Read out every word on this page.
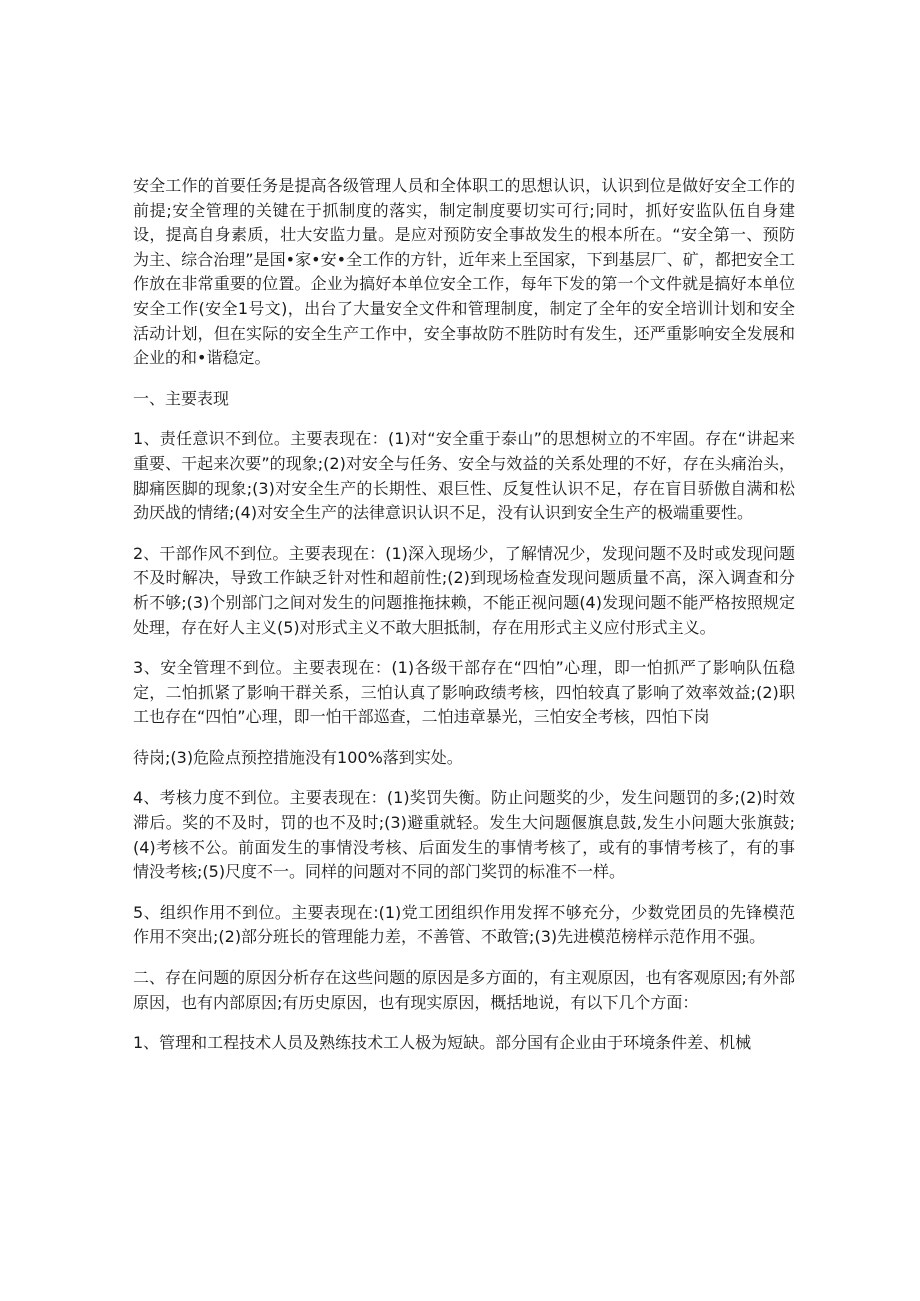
安全工作的首要任务是提高各级管理人员和全体职工的思想认识，认识到位是做好安全工作的前提;安全管理的关键在于抓制度的落实，制定制度要切实可行;同时，抓好安监队伍自身建设，提高自身素质，壮大安监力量。是应对预防安全事故发生的根本所在。“安全第一、预防为主、综合治理”是国•家•安•全工作的方针，近年来上至国家，下到基层厂、矿，都把安全工作放在非常重要的位置。企业为搞好本单位安全工作，每年下发的第一个文件就是搞好本单位安全工作(安全1号文)，出台了大量安全文件和管理制度，制定了全年的安全培训计划和安全活动计划，但在实际的安全生产工作中，安全事故防不胜防时有发生，还严重影响安全发展和企业的和•谐稳定。

一、主要表现

1、责任意识不到位。主要表现在：(1)对“安全重于泰山”的思想树立的不牢固。存在“讲起来重要、干起来次要”的现象;(2)对安全与任务、安全与效益的关系处理的不好，存在头痛治头，脚痛医脚的现象;(3)对安全生产的长期性、艰巨性、反复性认识不足，存在盲目骄傲自满和松劲厌战的情绪;(4)对安全生产的法律意识认识不足，没有认识到安全生产的极端重要性。

2、干部作风不到位。主要表现在：(1)深入现场少，了解情况少，发现问题不及时或发现问题不及时解决，导致工作缺乏针对性和超前性;(2)到现场检查发现问题质量不高，深入调查和分析不够;(3)个别部门之间对发生的问题推拖抹赖，不能正视问题(4)发现问题不能严格按照规定处理，存在好人主义(5)对形式主义不敢大胆抵制，存在用形式主义应付形式主义。

3、安全管理不到位。主要表现在：(1)各级干部存在“四怕”心理，即一怕抓严了影响队伍稳定，二怕抓紧了影响干群关系，三怕认真了影响政绩考核，四怕较真了影响了效率效益;(2)职工也存在“四怕”心理，即一怕干部巡查，二怕违章暴光，三怕安全考核，四怕下岗

待岗;(3)危险点预控措施没有100%落到实处。

4、考核力度不到位。主要表现在：(1)奖罚失衡。防止问题奖的少，发生问题罚的多;(2)时效滞后。奖的不及时，罚的也不及时;(3)避重就轻。发生大问题偃旗息鼓,发生小问题大张旗鼓;(4)考核不公。前面发生的事情没考核、后面发生的事情考核了，或有的事情考核了，有的事情没考核;(5)尺度不一。同样的问题对不同的部门奖罚的标准不一样。

5、组织作用不到位。主要表现在:(1)党工团组织作用发挥不够充分，少数党团员的先锋模范作用不突出;(2)部分班长的管理能力差，不善管、不敢管;(3)先进模范榜样示范作用不强。

二、存在问题的原因分析存在这些问题的原因是多方面的，有主观原因，也有客观原因;有外部原因，也有内部原因;有历史原因，也有现实原因，概括地说，有以下几个方面：

1、管理和工程技术人员及熟练技术工人极为短缺。部分国有企业由于环境条件差、机械
